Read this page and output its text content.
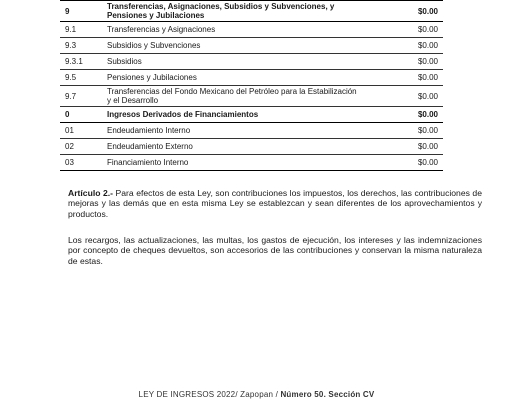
9	Transferencias, Asignaciones, Subsidios y Subvenciones, y Pensiones y Jubilaciones	$0.00
9.1	Transferencias y Asignaciones	$0.00
9.3	Subsidios y Subvenciones	$0.00
9.3.1	Subsidios	$0.00
9.5	Pensiones y Jubilaciones	$0.00
9.7	Transferencias del Fondo Mexicano del Petróleo para la Estabilización y el Desarrollo	$0.00
0	Ingresos Derivados de Financiamientos	$0.00
01	Endeudamiento Interno	$0.00
02	Endeudamiento Externo	$0.00
03	Financiamiento Interno	$0.00

Artículo 2.- Para efectos de esta Ley, son contribuciones los impuestos, los derechos, las contribuciones de mejoras y las demás que en esta misma Ley se establezcan y sean diferentes de los aprovechamientos y productos.

Los recargos, las actualizaciones, las multas, los gastos de ejecución, los intereses y las indemnizaciones por concepto de cheques devueltos, son accesorios de las contribuciones y conservan la misma naturaleza de estas.

LEY DE INGRESOS 2022/ Zapopan / Número 50. Sección CV
